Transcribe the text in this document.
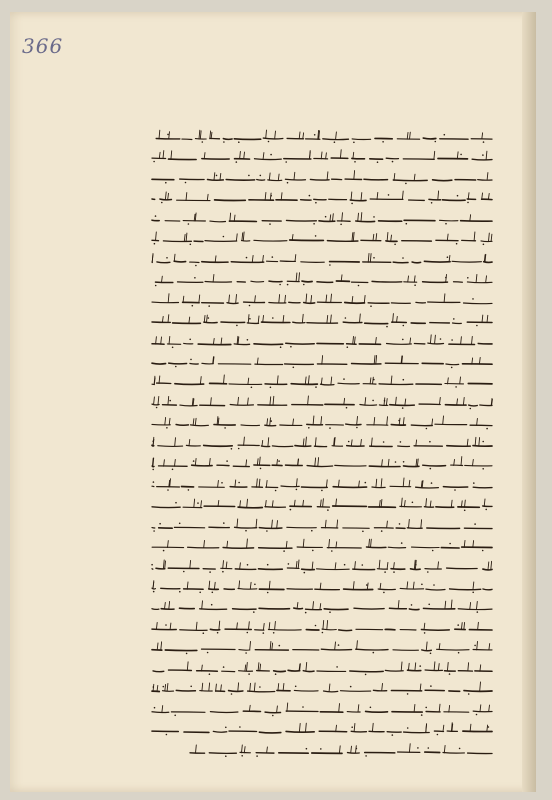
366
